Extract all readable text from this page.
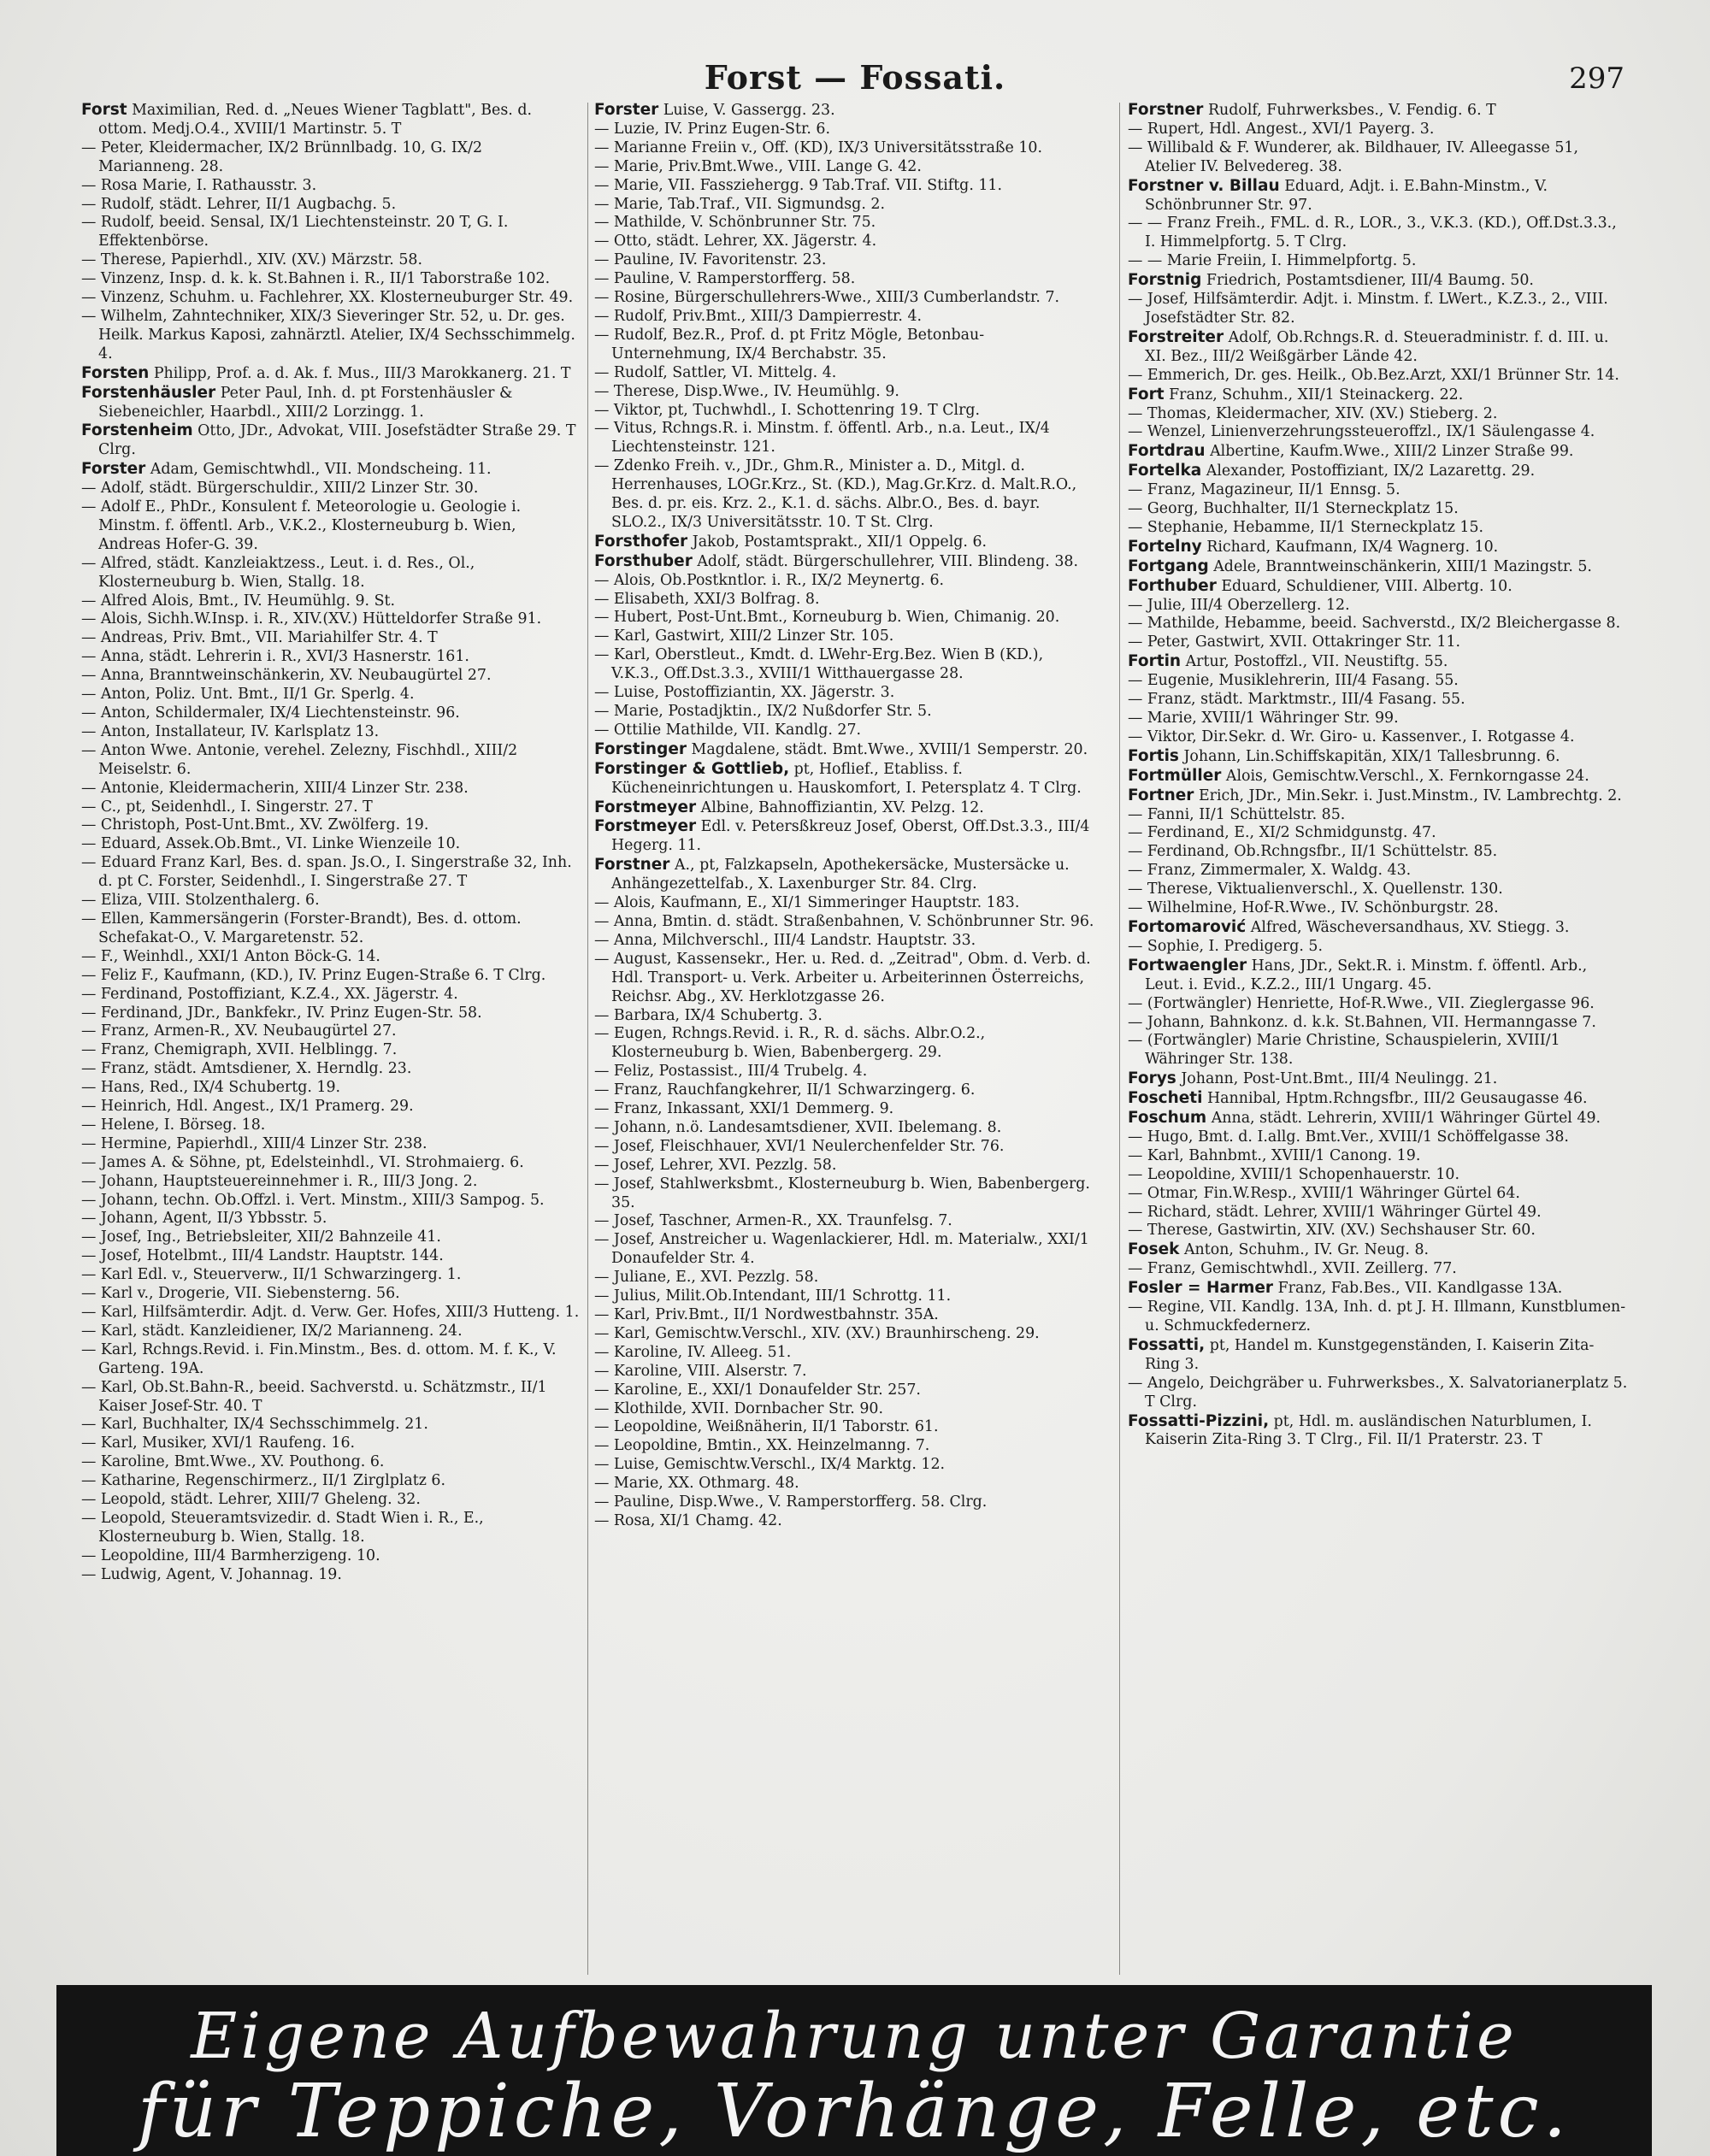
Forst — Fossati.	297

Forst Maximilian, Red. d. „Neues Wiener Tagblatt", Bes. d. ottom. Medj.O.4., XVIII/1 Martinstr. 5. T

— Peter, Kleidermacher, IX/2 Brünnlbadg. 10, G. IX/2 Marianneng. 28.

— Rosa Marie, I. Rathausstr. 3.

— Rudolf, städt. Lehrer, II/1 Augbachg. 5.

— Rudolf, beeid. Sensal, IX/1 Liechtensteinstr. 20 T, G. I. Effektenbörse.

— Therese, Papierhdl., XIV. (XV.) Märzstr. 58.

— Vinzenz, Insp. d. k. k. St.Bahnen i. R., II/1 Taborstraße 102.

— Vinzenz, Schuhm. u. Fachlehrer, XX. Klosterneuburger Str. 49.

— Wilhelm, Zahntechniker, XIX/3 Sieveringer Str. 52, u. Dr. ges. Heilk. Markus Kaposi, zahnärztl. Atelier, IX/4 Sechsschimmelg. 4.

Forsten Philipp, Prof. a. d. Ak. f. Mus., III/3 Marokkanerg. 21. T

Forstenhäusler Peter Paul, Inh. d. pt Forstenhäusler & Siebeneichler, Haarbdl., XIII/2 Lorzingg. 1.

Forstenheim Otto, JDr., Advokat, VIII. Josefstädter Straße 29. T Clrg.

Forster Adam, Gemischtwhdl., VII. Mondscheing. 11.

— Adolf, städt. Bürgerschuldir., XIII/2 Linzer Str. 30.

— Adolf E., PhDr., Konsulent f. Meteorologie u. Geologie i. Minstm. f. öffentl. Arb., V.K.2., Klosterneuburg b. Wien, Andreas Hofer-G. 39.

— Alfred, städt. Kanzleiaktzess., Leut. i. d. Res., Ol., Klosterneuburg b. Wien, Stallg. 18.

— Alfred Alois, Bmt., IV. Heumühlg. 9. St.

— Alois, Sichh.W.Insp. i. R., XIV.(XV.) Hütteldorfer Straße 91.

— Andreas, Priv. Bmt., VII. Mariahilfer Str. 4. T

— Anna, städt. Lehrerin i. R., XVI/3 Hasnerstr. 161.

— Anna, Branntweinschänkerin, XV. Neubaugürtel 27.

— Anton, Poliz. Unt. Bmt., II/1 Gr. Sperlg. 4.

— Anton, Schildermaler, IX/4 Liechtensteinstr. 96.

— Anton, Installateur, IV. Karlsplatz 13.

— Anton Wwe. Antonie, verehel. Zelezny, Fischhdl., XIII/2 Meiselstr. 6.

— Antonie, Kleidermacherin, XIII/4 Linzer Str. 238.

— C., pt, Seidenhdl., I. Singerstr. 27. T

— Christoph, Post-Unt.Bmt., XV. Zwölferg. 19.

— Eduard, Assek.Ob.Bmt., VI. Linke Wienzeile 10.

— Eduard Franz Karl, Bes. d. span. Js.O., I. Singerstraße 32, Inh. d. pt C. Forster, Seidenhdl., I. Singerstraße 27. T

— Eliza, VIII. Stolzenthalerg. 6.

— Ellen, Kammersängerin (Forster-Brandt), Bes. d. ottom. Schefakat-O., V. Margaretenstr. 52.

— F., Weinhdl., XXI/1 Anton Böck-G. 14.

— Feliz F., Kaufmann, (KD.), IV. Prinz Eugen-Straße 6. T Clrg.

— Ferdinand, Postoffiziant, K.Z.4., XX. Jägerstr. 4.

— Ferdinand, JDr., Bankfekr., IV. Prinz Eugen-Str. 58.

— Franz, Armen-R., XV. Neubaugürtel 27.

— Franz, Chemigraph, XVII. Helblingg. 7.

— Franz, städt. Amtsdiener, X. Herndlg. 23.

— Hans, Red., IX/4 Schubertg. 19.

— Heinrich, Hdl. Angest., IX/1 Pramerg. 29.

— Helene, I. Börseg. 18.

— Hermine, Papierhdl., XIII/4 Linzer Str. 238.

— James A. & Söhne, pt, Edelsteinhdl., VI. Strohmaierg. 6.

— Johann, Hauptsteuereinnehmer i. R., III/3 Jong. 2.

— Johann, techn. Ob.Offzl. i. Vert. Minstm., XIII/3 Sampog. 5.

— Johann, Agent, II/3 Ybbsstr. 5.

— Josef, Ing., Betriebsleiter, XII/2 Bahnzeile 41.

— Josef, Hotelbmt., III/4 Landstr. Hauptstr. 144.

— Karl Edl. v., Steuerverw., II/1 Schwarzingerg. 1.

— Karl v., Drogerie, VII. Siebensterng. 56.

— Karl, Hilfsämterdir. Adjt. d. Verw. Ger. Hofes, XIII/3 Hutteng. 1.

— Karl, städt. Kanzleidiener, IX/2 Marianneng. 24.

— Karl, Rchngs.Revid. i. Fin.Minstm., Bes. d. ottom. M. f. K., V. Garteng. 19A.

— Karl, Ob.St.Bahn-R., beeid. Sachverstd. u. Schätzmstr., II/1 Kaiser Josef-Str. 40. T

— Karl, Buchhalter, IX/4 Sechsschimmelg. 21.

— Karl, Musiker, XVI/1 Raufeng. 16.

— Karoline, Bmt.Wwe., XV. Pouthong. 6.

— Katharine, Regenschirmerz., II/1 Zirglplatz 6.

— Leopold, städt. Lehrer, XIII/7 Gheleng. 32.

— Leopold, Steueramtsvizedir. d. Stadt Wien i. R., E., Klosterneuburg b. Wien, Stallg. 18.

— Leopoldine, III/4 Barmherzigeng. 10.

— Ludwig, Agent, V. Johannag. 19.

Forster Luise, V. Gassergg. 23.

— Luzie, IV. Prinz Eugen-Str. 6.

— Marianne Freiin v., Off. (KD), IX/3 Universitätsstraße 10.

— Marie, Priv.Bmt.Wwe., VIII. Lange G. 42.

— Marie, VII. Fassziehergg. 9 Tab.Traf. VII. Stiftg. 11.

— Marie, Tab.Traf., VII. Sigmundsg. 2.

— Mathilde, V. Schönbrunner Str. 75.

— Otto, städt. Lehrer, XX. Jägerstr. 4.

— Pauline, IV. Favoritenstr. 23.

— Pauline, V. Ramperstorfferg. 58.

— Rosine, Bürgerschullehrers-Wwe., XIII/3 Cumberlandstr. 7.

— Rudolf, Priv.Bmt., XIII/3 Dampierrestr. 4.

— Rudolf, Bez.R., Prof. d. pt Fritz Mögle, Betonbau-Unternehmung, IX/4 Berchabstr. 35.

— Rudolf, Sattler, VI. Mittelg. 4.

— Therese, Disp.Wwe., IV. Heumühlg. 9.

— Viktor, pt, Tuchwhdl., I. Schottenring 19. T Clrg.

— Vitus, Rchngs.R. i. Minstm. f. öffentl. Arb., n.a. Leut., IX/4 Liechtensteinstr. 121.

— Zdenko Freih. v., JDr., Ghm.R., Minister a. D., Mitgl. d. Herrenhauses, LOGr.Krz., St. (KD.), Mag.Gr.Krz. d. Malt.R.O., Bes. d. pr. eis. Krz. 2., K.1. d. sächs. Albr.O., Bes. d. bayr. SLO.2., IX/3 Universitätsstr. 10. T St. Clrg.

Forsthofer Jakob, Postamtsprakt., XII/1 Oppelg. 6.

Forsthuber Adolf, städt. Bürgerschullehrer, VIII. Blindeng. 38.

— Alois, Ob.Postkntlor. i. R., IX/2 Meynertg. 6.

— Elisabeth, XXI/3 Bolfrag. 8.

— Hubert, Post-Unt.Bmt., Korneuburg b. Wien, Chimanig. 20.

— Karl, Gastwirt, XIII/2 Linzer Str. 105.

— Karl, Oberstleut., Kmdt. d. LWehr-Erg.Bez. Wien B (KD.), V.K.3., Off.Dst.3.3., XVIII/1 Witthauergasse 28.

— Luise, Postoffiziantin, XX. Jägerstr. 3.

— Marie, Postadjktin., IX/2 Nußdorfer Str. 5.

— Ottilie Mathilde, VII. Kandlg. 27.

Forstinger Magdalene, städt. Bmt.Wwe., XVIII/1 Semperstr. 20.

Forstinger & Gottlieb, pt, Hoflief., Etabliss. f. Kücheneinrichtungen u. Hauskomfort, I. Petersplatz 4. T Clrg.

Forstmeyer Albine, Bahnoffiziantin, XV. Pelzg. 12.

Forstmeyer Edl. v. Petersßkreuz Josef, Oberst, Off.Dst.3.3., III/4 Hegerg. 11.

Forstner A., pt, Falzkapseln, Apothekersäcke, Mustersäcke u. Anhängezettelfab., X. Laxenburger Str. 84. Clrg.

— Alois, Kaufmann, E., XI/1 Simmeringer Hauptstr. 183.

— Anna, Bmtin. d. städt. Straßenbahnen, V. Schönbrunner Str. 96.

— Anna, Milchverschl., III/4 Landstr. Hauptstr. 33.

— August, Kassensekr., Her. u. Red. d. „Zeitrad", Obm. d. Verb. d. Hdl. Transport- u. Verk. Arbeiter u. Arbeiterinnen Österreichs, Reichsr. Abg., XV. Herklotzgasse 26.

— Barbara, IX/4 Schubertg. 3.

— Eugen, Rchngs.Revid. i. R., R. d. sächs. Albr.O.2., Klosterneuburg b. Wien, Babenbergerg. 29.

— Feliz, Postassist., III/4 Trubelg. 4.

— Franz, Rauchfangkehrer, II/1 Schwarzingerg. 6.

— Franz, Inkassant, XXI/1 Demmerg. 9.

— Johann, n.ö. Landesamtsdiener, XVII. Ibelemang. 8.

— Josef, Fleischhauer, XVI/1 Neulerchenfelder Str. 76.

— Josef, Lehrer, XVI. Pezzlg. 58.

— Josef, Stahlwerksbmt., Klosterneuburg b. Wien, Babenbergerg. 35.

— Josef, Taschner, Armen-R., XX. Traunfelsg. 7.

— Josef, Anstreicher u. Wagenlackierer, Hdl. m. Materialw., XXI/1 Donaufelder Str. 4.

— Juliane, E., XVI. Pezzlg. 58.

— Julius, Milit.Ob.Intendant, III/1 Schrottg. 11.

— Karl, Priv.Bmt., II/1 Nordwestbahnstr. 35A.

— Karl, Gemischtw.Verschl., XIV. (XV.) Braunhirscheng. 29.

— Karoline, IV. Alleeg. 51.

— Karoline, VIII. Alserstr. 7.

— Karoline, E., XXI/1 Donaufelder Str. 257.

— Klothilde, XVII. Dornbacher Str. 90.

— Leopoldine, Weißnäherin, II/1 Taborstr. 61.

— Leopoldine, Bmtin., XX. Heinzelmanng. 7.

— Luise, Gemischtw.Verschl., IX/4 Marktg. 12.

— Marie, XX. Othmarg. 48.

— Pauline, Disp.Wwe., V. Ramperstorfferg. 58. Clrg.

— Rosa, XI/1 Chamg. 42.

Forstner Rudolf, Fuhrwerksbes., V. Fendig. 6. T

— Rupert, Hdl. Angest., XVI/1 Payerg. 3.

— Willibald & F. Wunderer, ak. Bildhauer, IV. Alleegasse 51, Atelier IV. Belvedereg. 38.

Forstner v. Billau Eduard, Adjt. i. E.Bahn-Minstm., V. Schönbrunner Str. 97.

— — Franz Freih., FML. d. R., LOR., 3., V.K.3. (KD.), Off.Dst.3.3., I. Himmelpfortg. 5. T Clrg.

— — Marie Freiin, I. Himmelpfortg. 5.

Forstnig Friedrich, Postamtsdiener, III/4 Baumg. 50.

— Josef, Hilfsämterdir. Adjt. i. Minstm. f. LWert., K.Z.3., 2., VIII. Josefstädter Str. 82.

Forstreiter Adolf, Ob.Rchngs.R. d. Steueradministr. f. d. III. u. XI. Bez., III/2 Weißgärber Lände 42.

— Emmerich, Dr. ges. Heilk., Ob.Bez.Arzt, XXI/1 Brünner Str. 14.

Fort Franz, Schuhm., XII/1 Steinackerg. 22.

— Thomas, Kleidermacher, XIV. (XV.) Stieberg. 2.

— Wenzel, Linienverzehrungssteueroffzl., IX/1 Säulengasse 4.

Fortdrau Albertine, Kaufm.Wwe., XIII/2 Linzer Straße 99.

Fortelka Alexander, Postoffiziant, IX/2 Lazarettg. 29.

— Franz, Magazineur, II/1 Ennsg. 5.

— Georg, Buchhalter, II/1 Sterneckplatz 15.

— Stephanie, Hebamme, II/1 Sterneckplatz 15.

Fortelny Richard, Kaufmann, IX/4 Wagnerg. 10.

Fortgang Adele, Branntweinschänkerin, XIII/1 Mazingstr. 5.

Forthuber Eduard, Schuldiener, VIII. Albertg. 10.

— Julie, III/4 Oberzellerg. 12.

— Mathilde, Hebamme, beeid. Sachverstd., IX/2 Bleichergasse 8.

— Peter, Gastwirt, XVII. Ottakringer Str. 11.

Fortin Artur, Postoffzl., VII. Neustiftg. 55.

— Eugenie, Musiklehrerin, III/4 Fasang. 55.

— Franz, städt. Marktmstr., III/4 Fasang. 55.

— Marie, XVIII/1 Währinger Str. 99.

— Viktor, Dir.Sekr. d. Wr. Giro- u. Kassenver., I. Rotgasse 4.

Fortis Johann, Lin.Schiffskapitän, XIX/1 Tallesbrunng. 6.

Fortmüller Alois, Gemischtw.Verschl., X. Fernkorngasse 24.

Fortner Erich, JDr., Min.Sekr. i. Just.Minstm., IV. Lambrechtg. 2.

— Fanni, II/1 Schüttelstr. 85.

— Ferdinand, E., XI/2 Schmidgunstg. 47.

— Ferdinand, Ob.Rchngsfbr., II/1 Schüttelstr. 85.

— Franz, Zimmermaler, X. Waldg. 43.

— Therese, Viktualienverschl., X. Quellenstr. 130.

— Wilhelmine, Hof-R.Wwe., IV. Schönburgstr. 28.

Fortomarović Alfred, Wäscheversandhaus, XV. Stiegg. 3.

— Sophie, I. Predigerg. 5.

Fortwaengler Hans, JDr., Sekt.R. i. Minstm. f. öffentl. Arb., Leut. i. Evid., K.Z.2., III/1 Ungarg. 45.

— (Fortwängler) Henriette, Hof-R.Wwe., VII. Zieglergasse 96.

— Johann, Bahnkonz. d. k.k. St.Bahnen, VII. Hermanngasse 7.

— (Fortwängler) Marie Christine, Schauspielerin, XVIII/1 Währinger Str. 138.

Forys Johann, Post-Unt.Bmt., III/4 Neulingg. 21.

Foscheti Hannibal, Hptm.Rchngsfbr., III/2 Geusaugasse 46.

Foschum Anna, städt. Lehrerin, XVIII/1 Währinger Gürtel 49.

— Hugo, Bmt. d. I.allg. Bmt.Ver., XVIII/1 Schöffelgasse 38.

— Karl, Bahnbmt., XVIII/1 Canong. 19.

— Leopoldine, XVIII/1 Schopenhauerstr. 10.

— Otmar, Fin.W.Resp., XVIII/1 Währinger Gürtel 64.

— Richard, städt. Lehrer, XVIII/1 Währinger Gürtel 49.

— Therese, Gastwirtin, XIV. (XV.) Sechshauser Str. 60.

Fosek Anton, Schuhm., IV. Gr. Neug. 8.

— Franz, Gemischtwhdl., XVII. Zeillerg. 77.

Fosler = Harmer Franz, Fab.Bes., VII. Kandlgasse 13A.

— Regine, VII. Kandlg. 13A, Inh. d. pt J. H. Illmann, Kunstblumen- u. Schmuckfedernerz.

Fossatti, pt, Handel m. Kunstgegenständen, I. Kaiserin Zita-Ring 3.

— Angelo, Deichgräber u. Fuhrwerksbes., X. Salvatorianerplatz 5. T Clrg.

Fossatti-Pizzini, pt, Hdl. m. ausländischen Naturblumen, I. Kaiserin Zita-Ring 3. T Clrg., Fil. II/1 Praterstr. 23. T

Eigene Aufbewahrung unter Garantie
für Teppiche, Vorhänge, Felle, etc.
